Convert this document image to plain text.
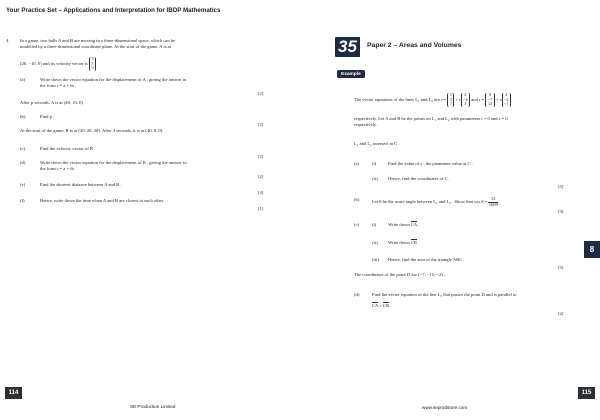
Your Practice Set – Applications and Interpretation for IBDP Mathematics
4. In a game, two balls A and B are moving in a three-dimensional space, which can be
modelled by a three-dimensional coordinate plane. At the start of the game, A is at
(20, −10, 0) and its velocity vector is 5
5
0
(a)	Write down the vector equation for the displacement of A , giving the answer in
the form r = a + tb .
[2]
After p seconds, A is at (40, 10, 0).
(b)	Find p .
[2]
At the start of the game, B is at (20, 20, 20). After 4 seconds, it is at (40, 0, 0).
(c)	Find the velocity vector of B .
[2]
(d)	Write down the vector equation for the displacement of B , giving the answer in
the form r = a + tb .
[2]
(e)	Find the shortest distance between A and B .
[4]
(f)	Hence, write down the time when A and B are closest to each other.
[1]
35	Paper 2 – Areas and Volumes
Example
The vector equations of the lines L₁ and L₂ are r = 1
3
7 + t2
−4
3 and r = 9
−7
12 + s4
−2
−1
respectively. Let A and B be the points on L₁ and L₂ with parameters t = 0 and s = 0
respectively.
L₁ and L₂ intersect at C .
(a)	(i)	Find the value of s , the parameter value at C .
(ii) Hence, find the coordinates of C .
[5]
(b)	Let θ be the acute angle between L₁ and L₂ . Show that $\cos \theta = \frac{13}{√609}$
[3]
(c)	(i)	Write down CA .
(ii) Write down CB .
(iii) Hence, find the area of the triangle ABC .
[5]
The coordinates of the point D are (−7, −15, −2) .
(d)	Find the vector equation of the line L₃ that passes the point D and is parallel to
CA × CB .
[2]
8
114
SE Production Limited	www.seprodstore.com
115
